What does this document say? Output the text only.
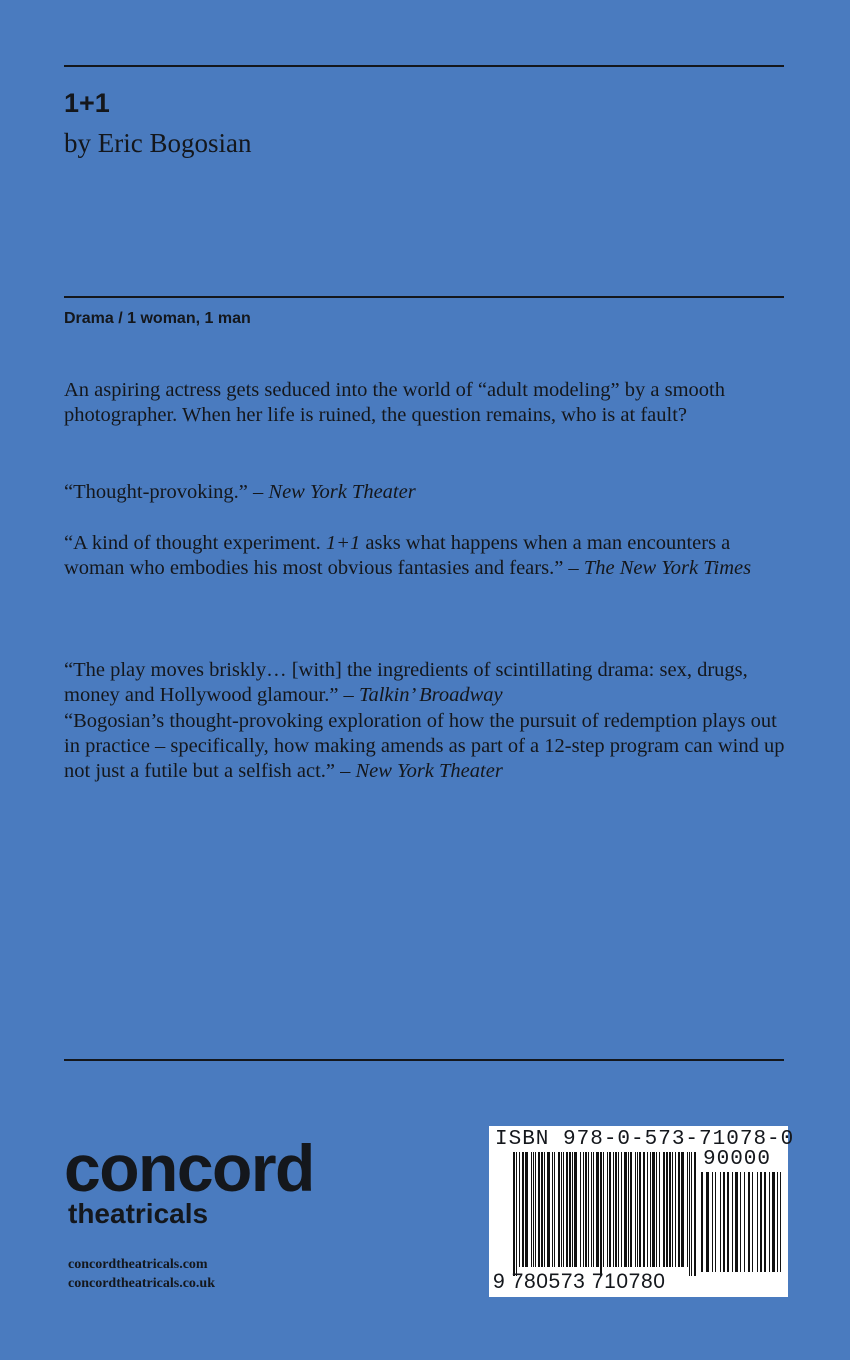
1+1
by Eric Bogosian
Drama / 1 woman, 1 man

An aspiring actress gets seduced into the world of “adult modeling” by a smooth photographer. When her life is ruined, the question remains, who is at fault?

“Thought-provoking.” – New York Theater

“A kind of thought experiment. 1+1 asks what happens when a man encounters a woman who embodies his most obvious fantasies and fears.” – The New York Times

“The play moves briskly… [with] the ingredients of scintillating drama: sex, drugs, money and Hollywood glamour.” – Talkin’ Broadway

“Bogosian’s thought-provoking exploration of how the pursuit of redemption plays out in practice – specifically, how making amends as part of a 12-step program can wind up not just a futile but a selfish act.” – New York Theater

concord
theatricals
concordtheatricals.com
concordtheatricals.co.uk
ISBN 978-0-573-71078-0
90000
9 780573 710780
